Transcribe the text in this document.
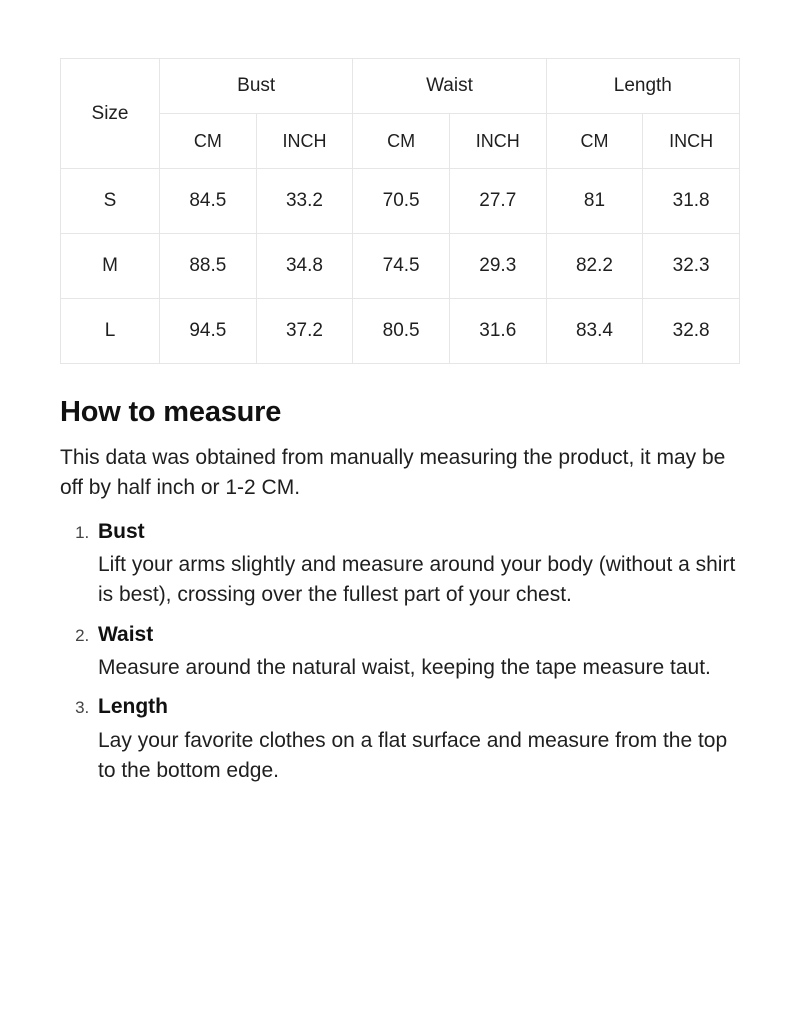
Size	Bust		Waist		Length	
	CM	INCH	CM	INCH	CM	INCH
S	84.5	33.2	70.5	27.7	81	31.8
M	88.5	34.8	74.5	29.3	82.2	32.3
L	94.5	37.2	80.5	31.6	83.4	32.8
How to measure

This data was obtained from manually measuring the product, it may be off by half inch or 1-2 CM.

1. Bust
Lift your arms slightly and measure around your body (without a shirt is best), crossing over the fullest part of your chest.
2. Waist
Measure around the natural waist, keeping the tape measure taut.
3. Length
Lay your favorite clothes on a flat surface and measure from the top to the bottom edge.
